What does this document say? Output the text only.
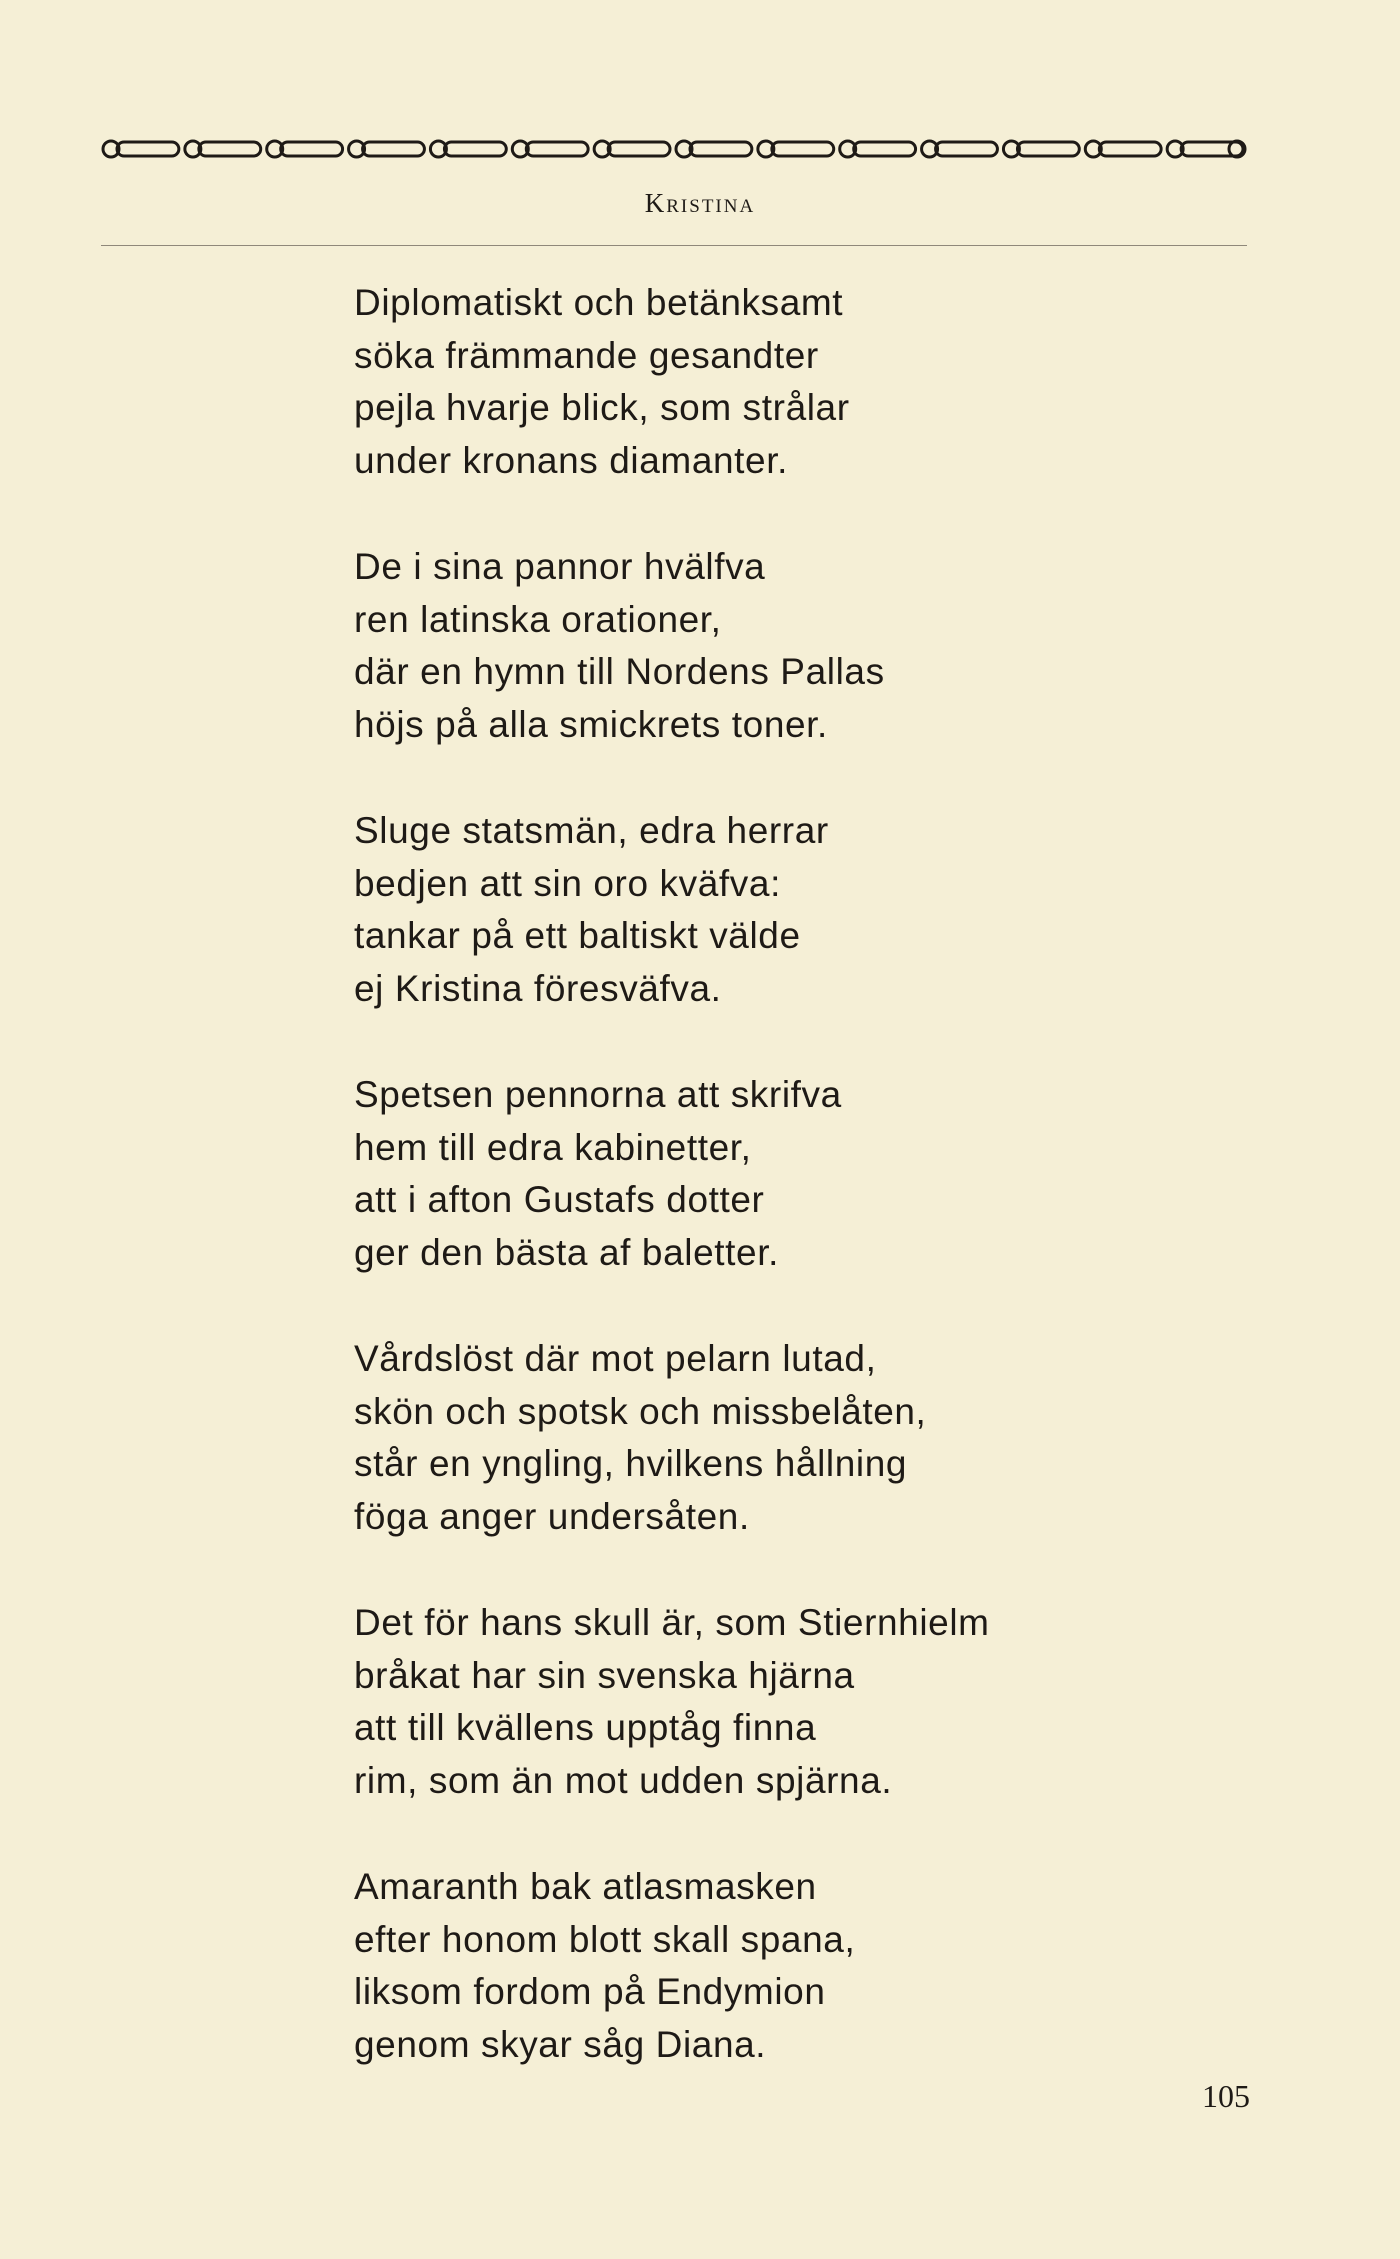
Kristina
Diplomatiskt och betänksamt
söka främmande gesandter
pejla hvarje blick, som strålar
under kronans diamanter.
De i sina pannor hvälfva
ren latinska orationer,
där en hymn till Nordens Pallas
höjs på alla smickrets toner.
Sluge statsmän, edra herrar
bedjen att sin oro kväfva:
tankar på ett baltiskt välde
ej Kristina föresväfva.
Spetsen pennorna att skrifva
hem till edra kabinetter,
att i afton Gustafs dotter
ger den bästa af baletter.
Vårdslöst där mot pelarn lutad,
skön och spotsk och missbelåten,
står en yngling, hvilkens hållning
föga anger undersåten.
Det för hans skull är, som Stiernhielm
bråkat har sin svenska hjärna
att till kvällens upptåg finna
rim, som än mot udden spjärna.
Amaranth bak atlasmasken
efter honom blott skall spana,
liksom fordom på Endymion
genom skyar såg Diana.
105
